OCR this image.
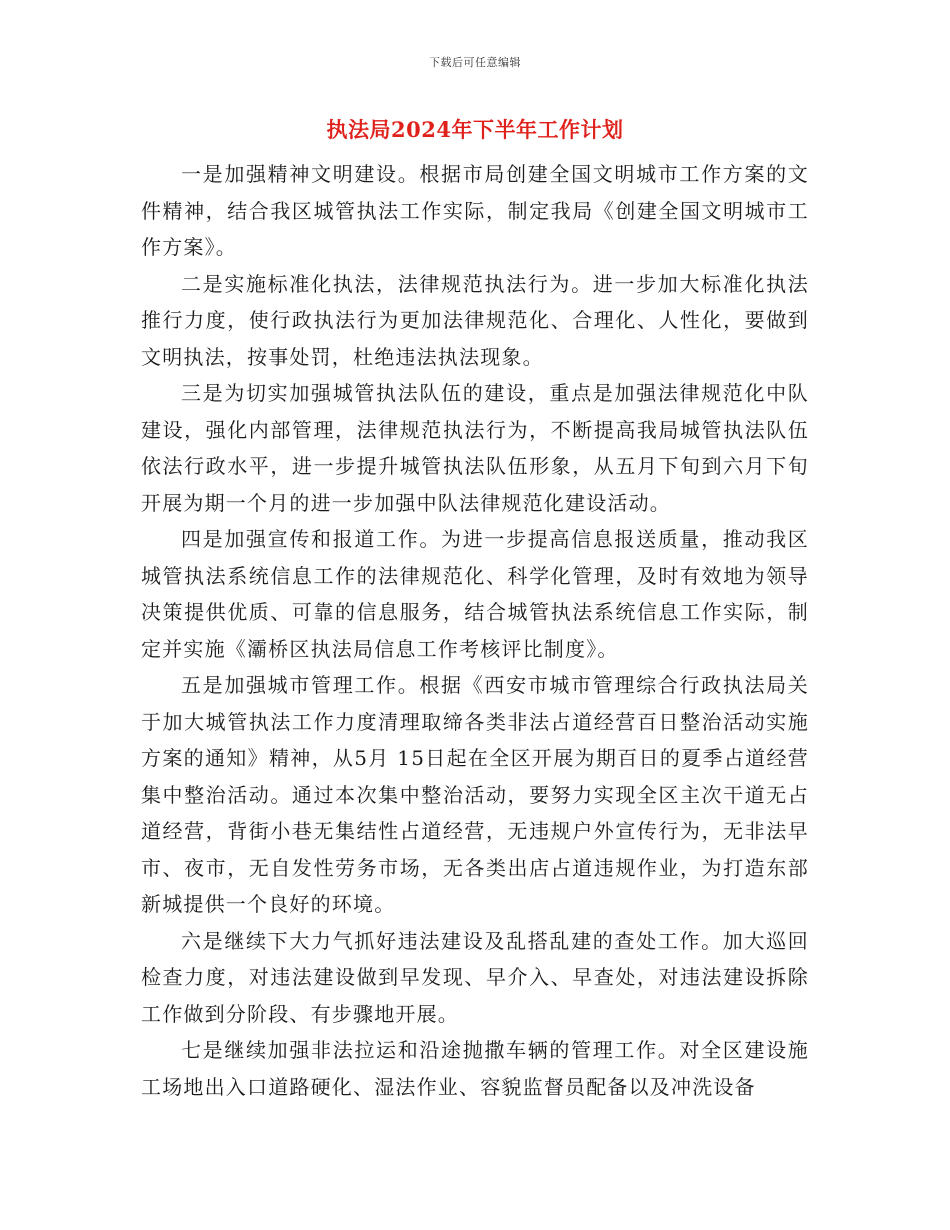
下载后可任意编辑
执法局2024年下半年工作计划

一是加强精神文明建设。根据市局创建全国文明城市工作方案的文件精神，结合我区城管执法工作实际，制定我局《创建全国文明城市工作方案》。

二是实施标准化执法，法律规范执法行为。进一步加大标准化执法推行力度，使行政执法行为更加法律规范化、合理化、人性化，要做到文明执法，按事处罚，杜绝违法执法现象。

三是为切实加强城管执法队伍的建设，重点是加强法律规范化中队建设，强化内部管理，法律规范执法行为，不断提高我局城管执法队伍依法行政水平，进一步提升城管执法队伍形象，从五月下旬到六月下旬开展为期一个月的进一步加强中队法律规范化建设活动。

四是加强宣传和报道工作。为进一步提高信息报送质量，推动我区城管执法系统信息工作的法律规范化、科学化管理，及时有效地为领导决策提供优质、可靠的信息服务，结合城管执法系统信息工作实际，制定并实施《灞桥区执法局信息工作考核评比制度》。

五是加强城市管理工作。根据《西安市城市管理综合行政执法局关于加大城管执法工作力度清理取缔各类非法占道经营百日整治活动实施方案的通知》精神，从5月 15日起在全区开展为期百日的夏季占道经营集中整治活动。通过本次集中整治活动，要努力实现全区主次干道无占道经营，背街小巷无集结性占道经营，无违规户外宣传行为，无非法早市、夜市，无自发性劳务市场，无各类出店占道违规作业，为打造东部新城提供一个良好的环境。

六是继续下大力气抓好违法建设及乱搭乱建的查处工作。加大巡回检查力度，对违法建设做到早发现、早介入、早查处，对违法建设拆除工作做到分阶段、有步骤地开展。

七是继续加强非法拉运和沿途抛撒车辆的管理工作。对全区建设施工场地出入口道路硬化、湿法作业、容貌监督员配备以及冲洗设备
